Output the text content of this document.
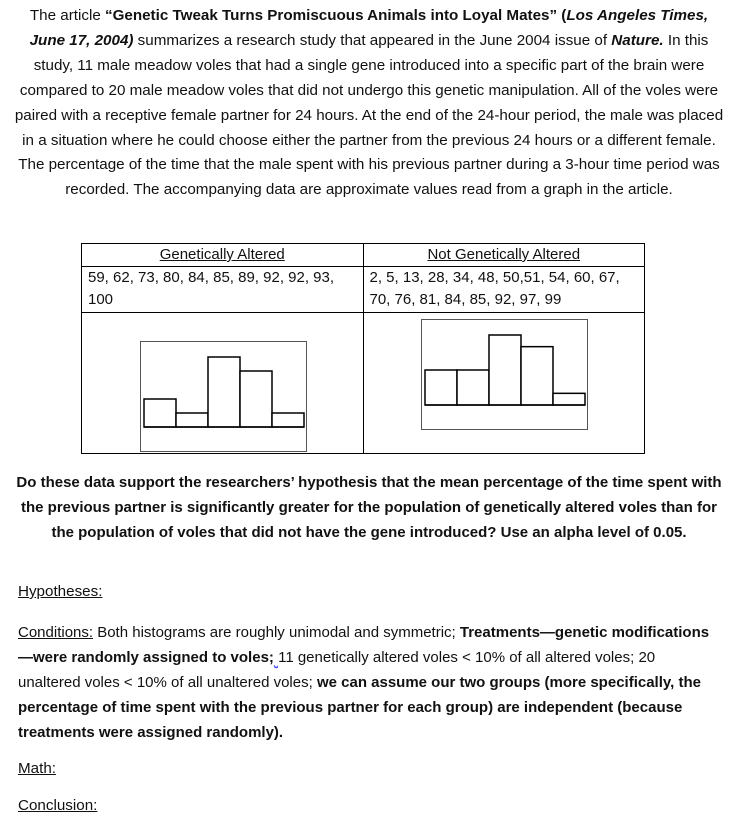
The article “Genetic Tweak Turns Promiscuous Animals into Loyal Mates” (Los Angeles Times, June 17, 2004) summarizes a research study that appeared in the June 2004 issue of Nature. In this study, 11 male meadow voles that had a single gene introduced into a specific part of the brain were compared to 20 male meadow voles that did not undergo this genetic manipulation. All of the voles were paired with a receptive female partner for 24 hours. At the end of the 24-hour period, the male was placed in a situation where he could choose either the partner from the previous 24 hours or a different female. The percentage of the time that the male spent with his previous partner during a 3-hour time period was recorded. The accompanying data are approximate values read from a graph in the article.
Genetically Altered	Not Genetically Altered
59, 62, 73, 80, 84, 85, 89, 92, 92, 93, 100	2, 5, 13, 28, 34, 48, 50,51, 54, 60, 67, 70, 76, 81, 84, 85, 92, 97, 99

Do these data support the researchers’ hypothesis that the mean percentage of the time spent with the previous partner is significantly greater for the population of genetically altered voles than for the population of voles that did not have the gene introduced? Use an alpha level of 0.05.
Hypotheses:
Conditions: Both histograms are roughly unimodal and symmetric; Treatments—genetic modifications—were randomly assigned to voles; 11 genetically altered voles < 10% of all altered voles; 20 unaltered voles < 10% of all unaltered voles; we can assume our two groups (more specifically, the percentage of time spent with the previous partner for each group) are independent (because treatments were assigned randomly).
Math:
Conclusion:
